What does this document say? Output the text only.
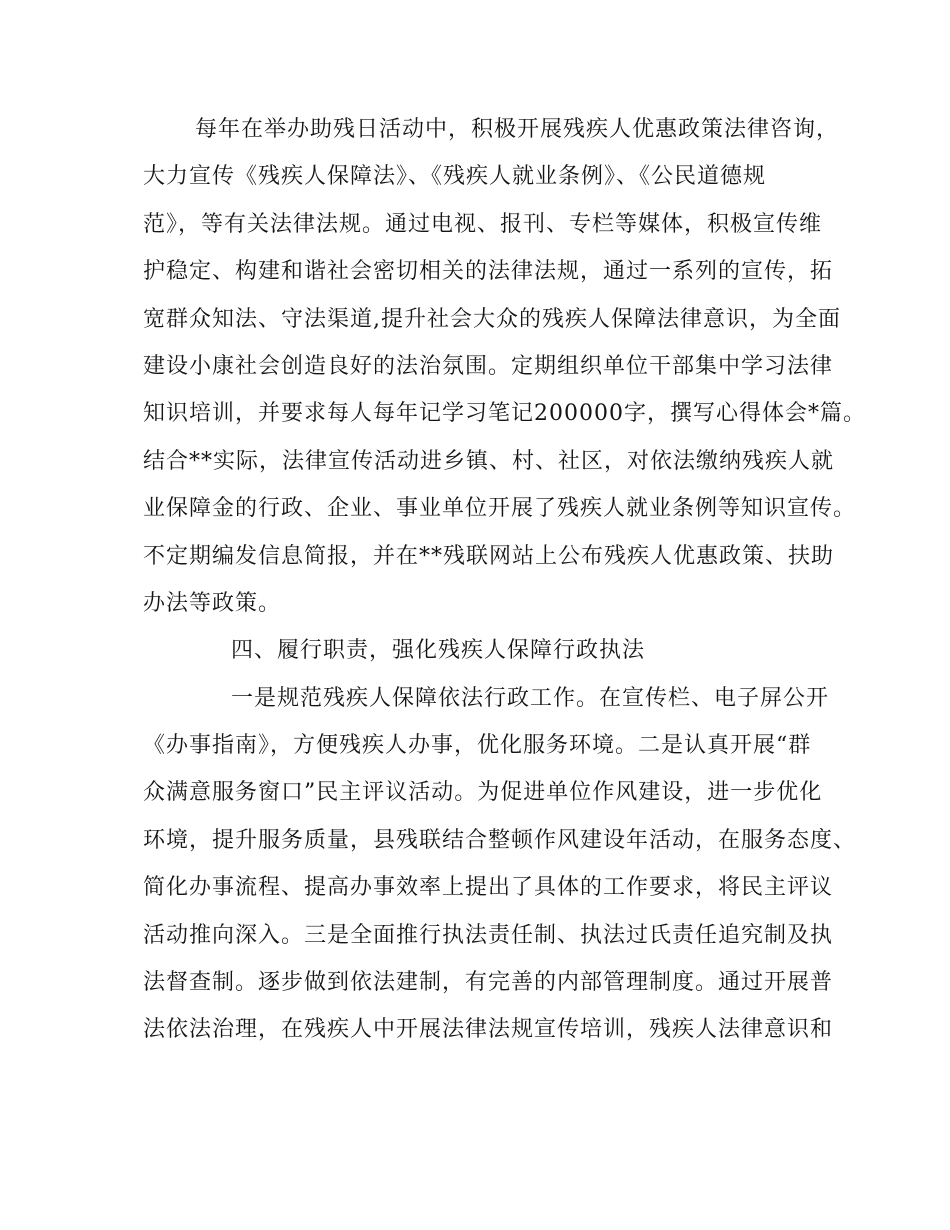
每年在举办助残日活动中，积极开展残疾人优惠政策法律咨询，
大力宣传《残疾人保障法》、《残疾人就业条例》、《公民道德规
范》，等有关法律法规。通过电视、报刊、专栏等媒体，积极宣传维
护稳定、构建和谐社会密切相关的法律法规，通过一系列的宣传，拓
宽群众知法、守法渠道,提升社会大众的残疾人保障法律意识，为全面
建设小康社会创造良好的法治氛围。定期组织单位干部集中学习法律
知识培训，并要求每人每年记学习笔记200000字，撰写心得体会*篇。
结合**实际，法律宣传活动进乡镇、村、社区，对依法缴纳残疾人就
业保障金的行政、企业、事业单位开展了残疾人就业条例等知识宣传。
不定期编发信息简报，并在**残联网站上公布残疾人优惠政策、扶助
办法等政策。
四、履行职责，强化残疾人保障行政执法
一是规范残疾人保障依法行政工作。在宣传栏、电子屏公开
《办事指南》，方便残疾人办事，优化服务环境。二是认真开展“群
众满意服务窗口”民主评议活动。为促进单位作风建设，进一步优化
环境，提升服务质量，县残联结合整顿作风建设年活动，在服务态度、
简化办事流程、提高办事效率上提出了具体的工作要求，将民主评议
活动推向深入。三是全面推行执法责任制、执法过氏责任追究制及执
法督查制。逐步做到依法建制，有完善的内部管理制度。通过开展普
法依法治理，在残疾人中开展法律法规宣传培训，残疾人法律意识和
